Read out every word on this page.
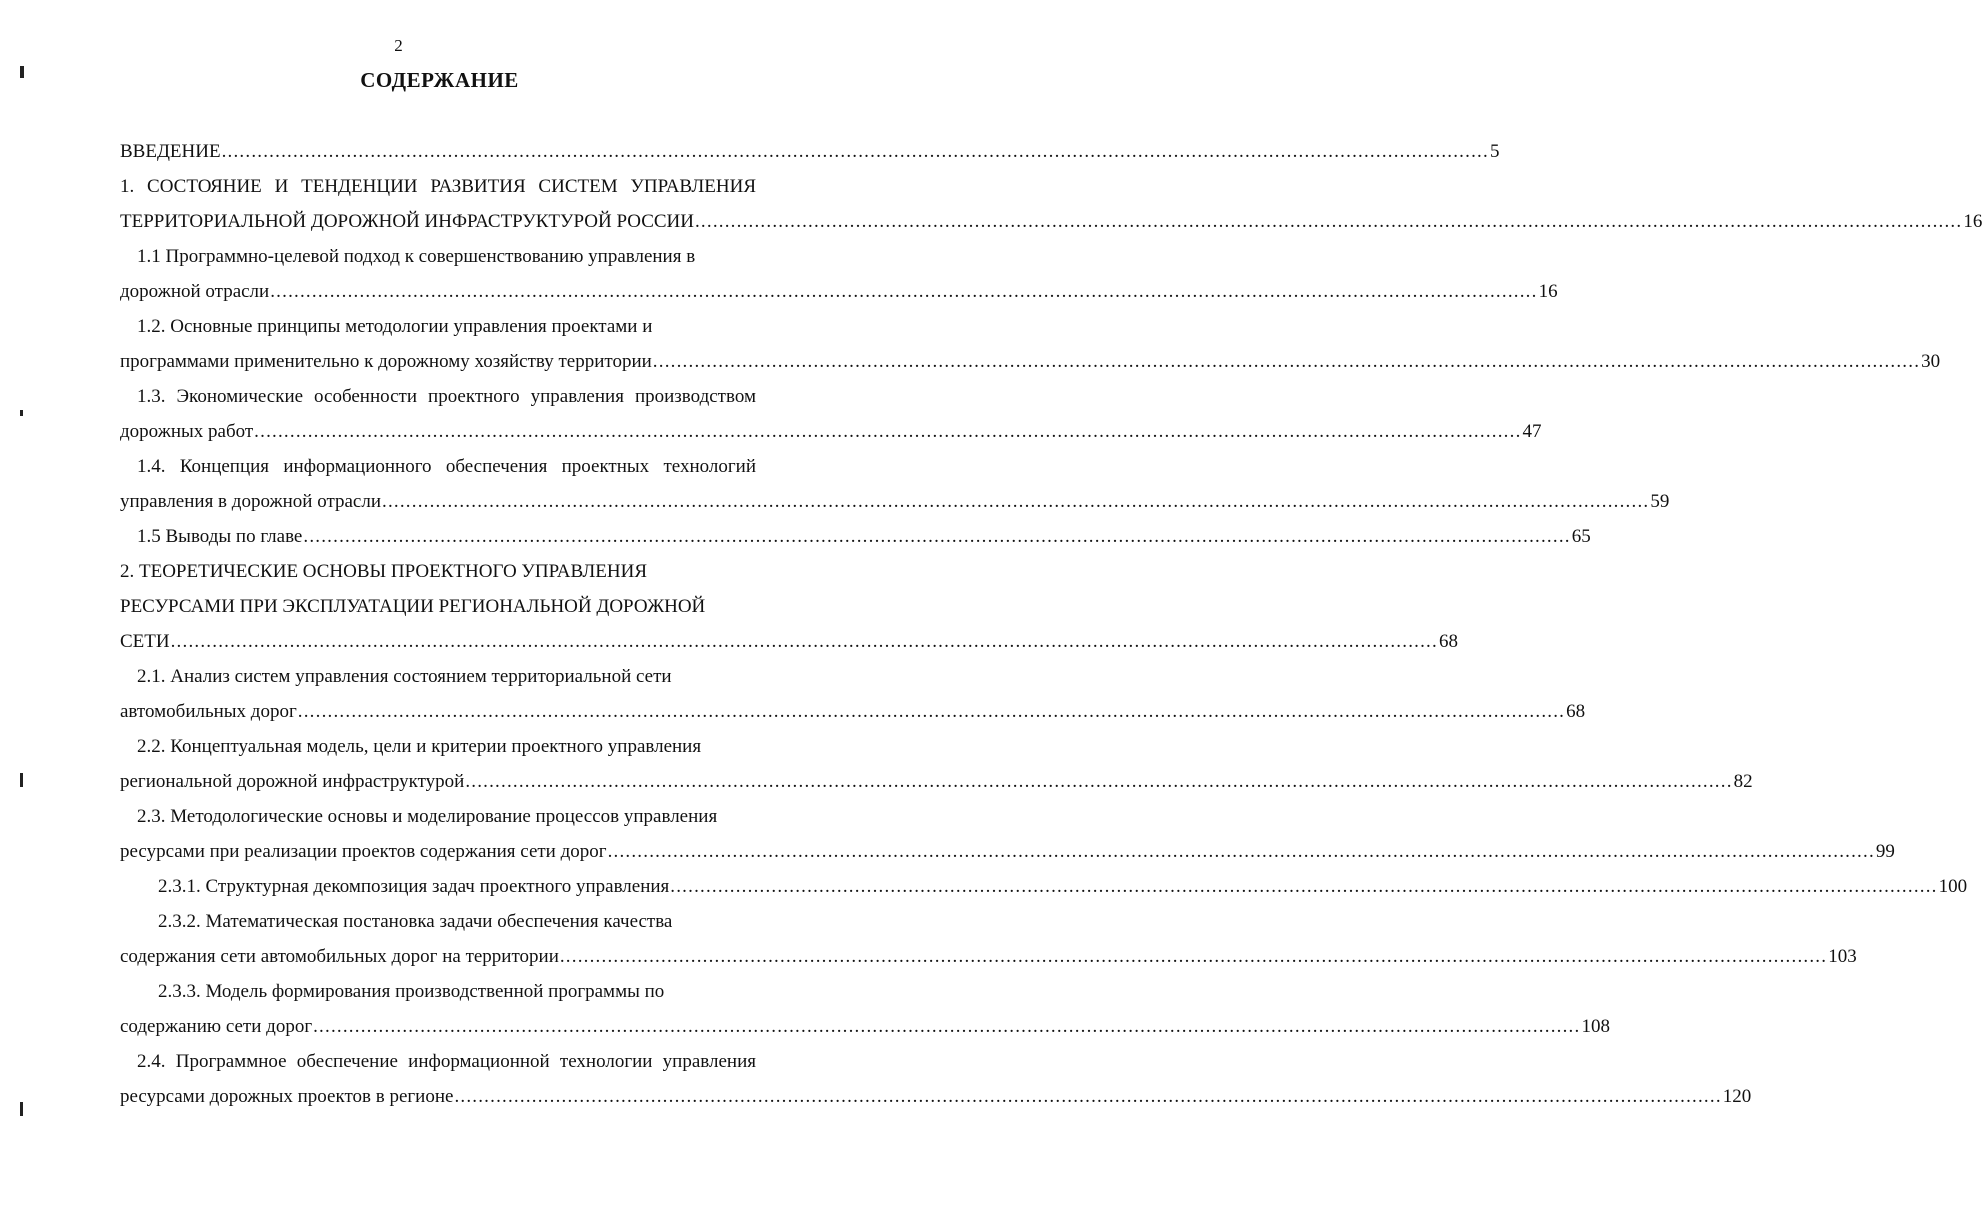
2
СОДЕРЖАНИЕ
ВВЕДЕНИЕ .....	5
1. СОСТОЯНИЕ И ТЕНДЕНЦИИ РАЗВИТИЯ СИСТЕМ УПРАВЛЕНИЯ
ТЕРРИТОРИАЛЬНОЙ ДОРОЖНОЙ ИНФРАСТРУКТУРОЙ РОССИИ .....	16
1.1 Программно-целевой подход к совершенствованию управления в
дорожной отрасли .....	16
1.2. Основные принципы методологии управления проектами и
программами применительно к дорожному хозяйству территории .....	30
1.3. Экономические особенности проектного управления производством
дорожных работ .....	47
1.4. Концепция информационного обеспечения проектных технологий
управления в дорожной отрасли .....	59
1.5 Выводы по главе .....	65
2. ТЕОРЕТИЧЕСКИЕ ОСНОВЫ ПРОЕКТНОГО УПРАВЛЕНИЯ
РЕСУРСАМИ ПРИ ЭКСПЛУАТАЦИИ РЕГИОНАЛЬНОЙ ДОРОЖНОЙ
СЕТИ .....	68
2.1. Анализ систем управления состоянием территориальной сети
автомобильных дорог .....	68
2.2. Концептуальная модель, цели и критерии проектного управления
региональной дорожной инфраструктурой .....	82
2.3. Методологические основы и моделирование процессов управления
ресурсами при реализации проектов содержания сети дорог .....	99
2.3.1. Структурная декомпозиция задач проектного управления .....	100
2.3.2. Математическая постановка задачи обеспечения качества
содержания сети автомобильных дорог на территории .....	103
2.3.3. Модель формирования производственной программы по
содержанию сети дорог .....	108
2.4. Программное обеспечение информационной технологии управления
ресурсами дорожных проектов в регионе .....	120
